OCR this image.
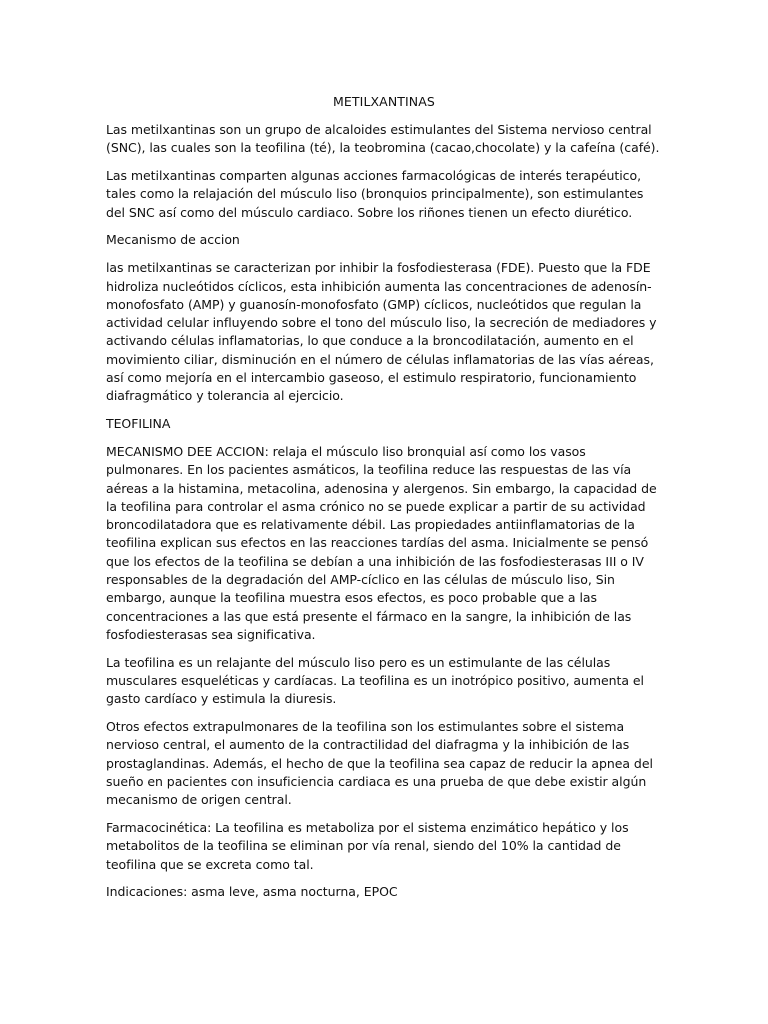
METILXANTINAS

Las metilxantinas son un grupo de alcaloides estimulantes del Sistema nervioso central (SNC), las cuales son la teofilina (té), la teobromina (cacao,chocolate) y la cafeína (café).

Las metilxantinas comparten algunas acciones farmacológicas de interés terapéutico, tales como la relajación del músculo liso (bronquios principalmente), son estimulantes del SNC así como del músculo cardiaco. Sobre los riñones tienen un efecto diurético.

Mecanismo de accion

las metilxantinas se caracterizan por inhibir la fosfodiesterasa (FDE). Puesto que la FDE hidroliza nucleótidos cíclicos, esta inhibición aumenta las concentraciones de adenosín-monofosfato (AMP) y guanosín-monofosfato (GMP) cíclicos, nucleótidos que regulan la actividad celular influyendo sobre el tono del músculo liso, la secreción de mediadores y activando células inflamatorias, lo que conduce a la broncodilatación, aumento en el movimiento ciliar, disminución en el número de células inflamatorias de las vías aéreas, así como mejoría en el intercambio gaseoso, el estimulo respiratorio, funcionamiento diafragmático y tolerancia al ejercicio.

TEOFILINA

MECANISMO DEE ACCION: relaja el músculo liso bronquial así como los vasos pulmonares. En los pacientes asmáticos, la teofilina reduce las respuestas de las vía aéreas a la histamina, metacolina, adenosina y alergenos. Sin embargo, la capacidad de la teofilina para controlar el asma crónico no se puede explicar a partir de su actividad broncodilatadora que es relativamente débil. Las propiedades antiinflamatorias de la teofilina explican sus efectos en las reacciones tardías del asma. Inicialmente se pensó que los efectos de la teofilina se debían a una inhibición de las fosfodiesterasas III o IV responsables de la degradación del AMP-cíclico en las células de músculo liso, Sin embargo, aunque la teofilina muestra esos efectos, es poco probable que a las concentraciones a las que está presente el fármaco en la sangre, la inhibición de las fosfodiesterasas sea significativa.

La teofilina es un relajante del músculo liso pero es un estimulante de las células musculares esqueléticas y cardíacas. La teofilina es un inotrópico positivo, aumenta el gasto cardíaco y estimula la diuresis.

Otros efectos extrapulmonares de la teofilina son los estimulantes sobre el sistema nervioso central, el aumento de la contractilidad del diafragma y la inhibición de las prostaglandinas. Además, el hecho de que la teofilina sea capaz de reducir la apnea del sueño en pacientes con insuficiencia cardiaca es una prueba de que debe existir algún mecanismo de origen central.

Farmacocinética: La teofilina es metaboliza por el sistema enzimático hepático y los metabolitos de la teofilina se eliminan por vía renal, siendo del 10% la cantidad de teofilina que se excreta como tal.

Indicaciones: asma leve, asma nocturna, EPOC
